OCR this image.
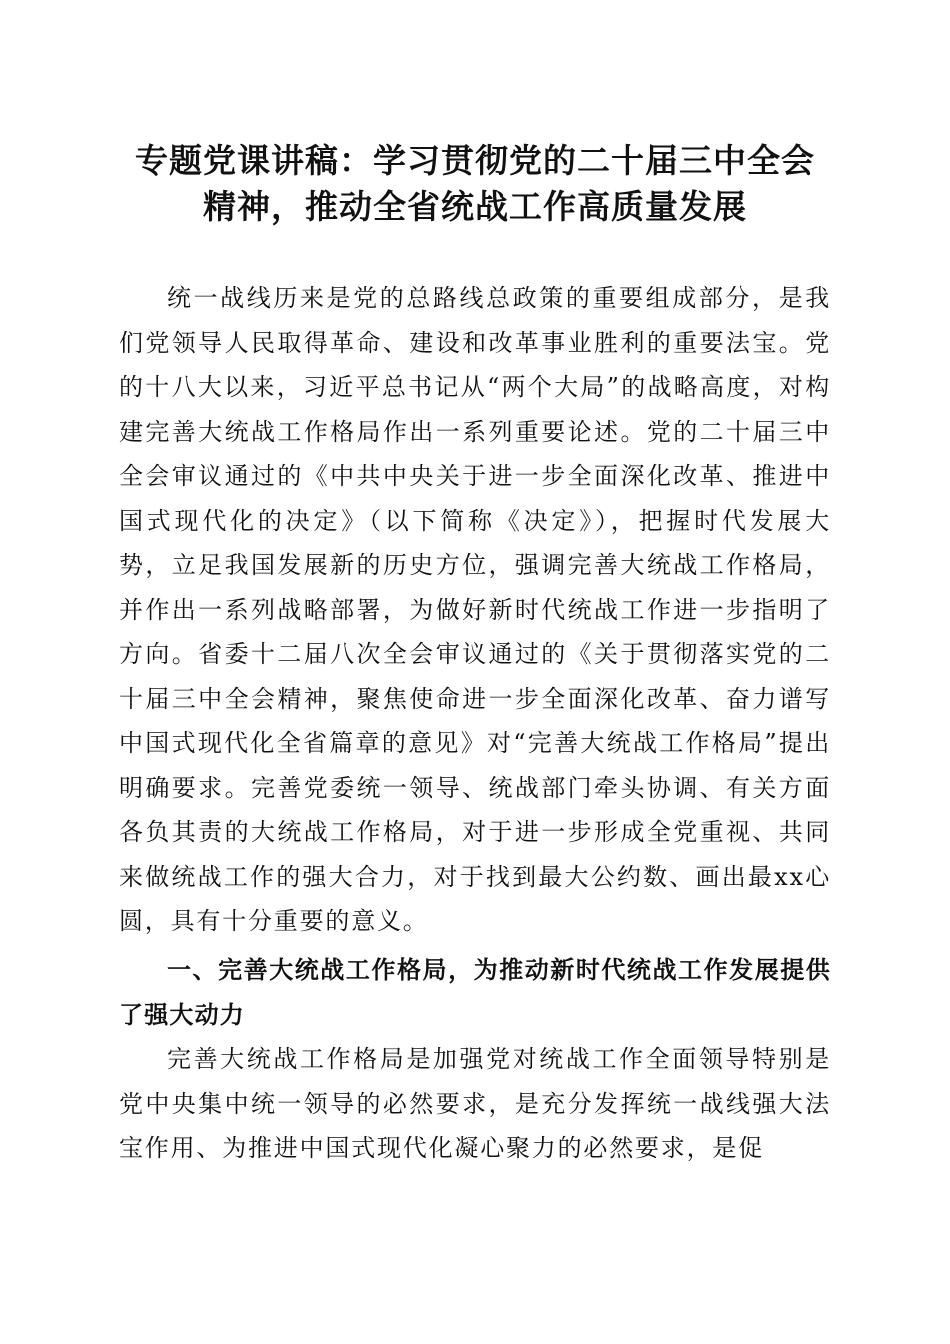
专题党课讲稿：学习贯彻党的二十届三中全会
精神，推动全省统战工作高质量发展

统一战线历来是党的总路线总政策的重要组成部分，是我们党领导人民取得革命、建设和改革事业胜利的重要法宝。党的十八大以来，习近平总书记从“两个大局”的战略高度，对构建完善大统战工作格局作出一系列重要论述。党的二十届三中全会审议通过的《中共中央关于进一步全面深化改革、推进中国式现代化的决定》（以下简称《决定》），把握时代发展大势，立足我国发展新的历史方位，强调完善大统战工作格局，并作出一系列战略部署，为做好新时代统战工作进一步指明了方向。省委十二届八次全会审议通过的《关于贯彻落实党的二十届三中全会精神，聚焦使命进一步全面深化改革、奋力谱写中国式现代化全省篇章的意见》对“完善大统战工作格局”提出明确要求。完善党委统一领导、统战部门牵头协调、有关方面各负其责的大统战工作格局，对于进一步形成全党重视、共同来做统战工作的强大合力，对于找到最大公约数、画出最xx心圆，具有十分重要的意义。

一、完善大统战工作格局，为推动新时代统战工作发展提供了强大动力

完善大统战工作格局是加强党对统战工作全面领导特别是党中央集中统一领导的必然要求，是充分发挥统一战线强大法宝作用、为推进中国式现代化凝心聚力的必然要求，是促
